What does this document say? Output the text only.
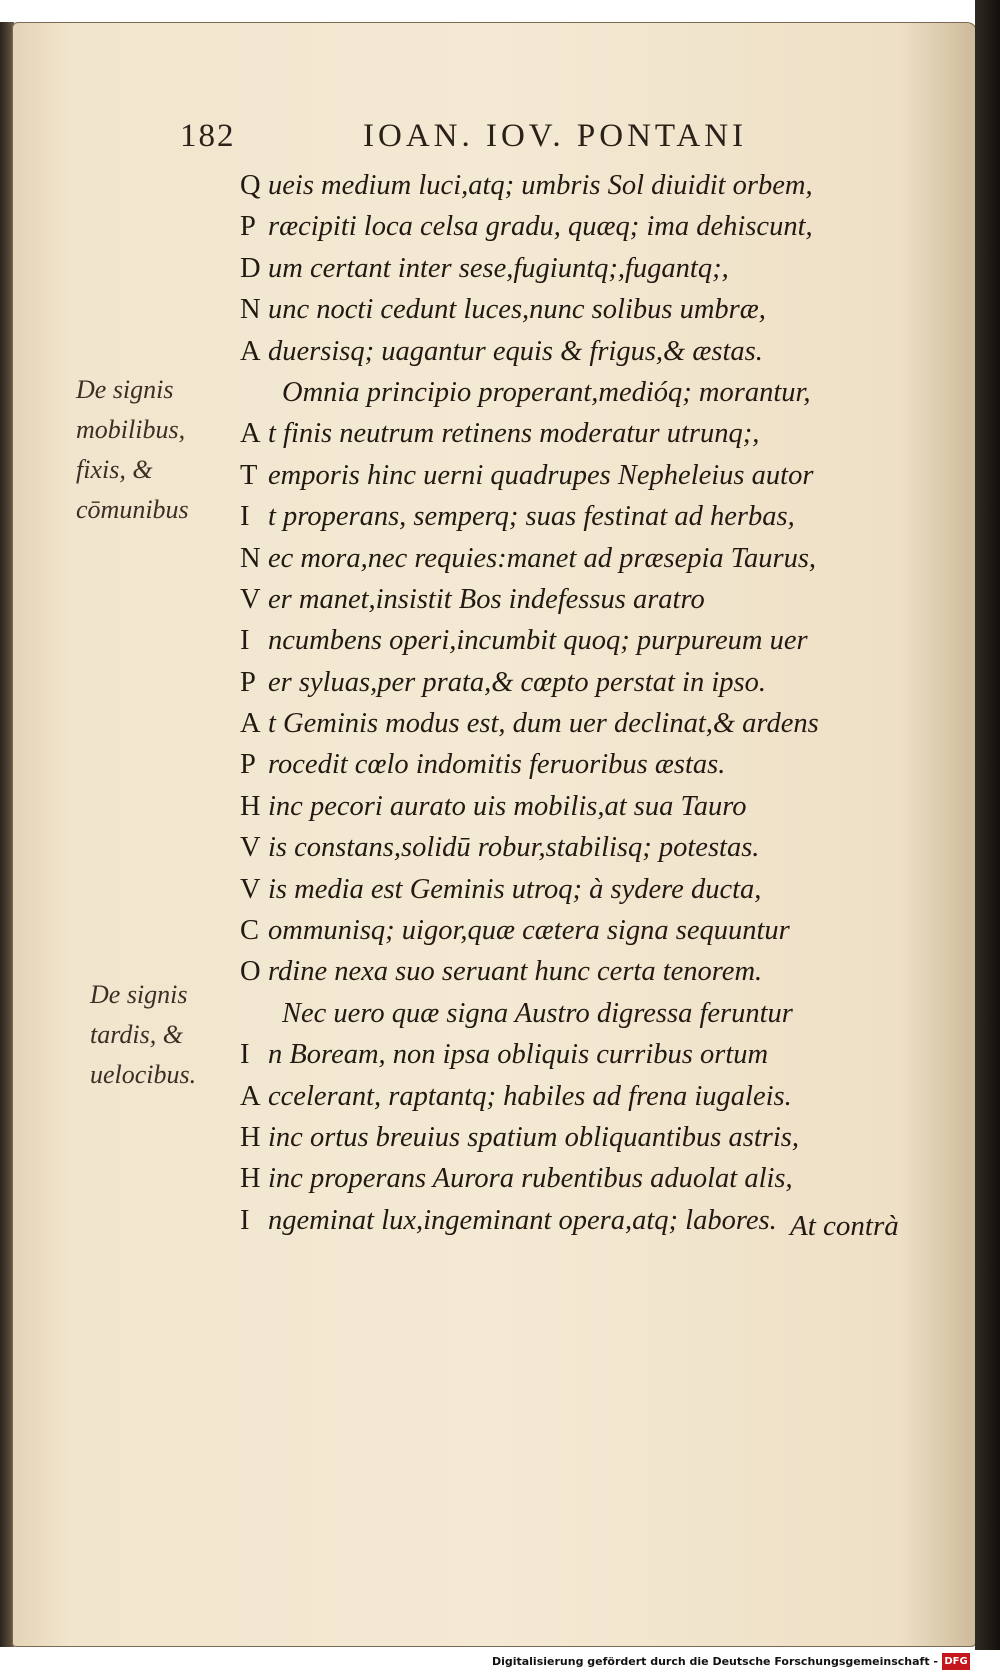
182	IOAN. IOV. PONTANI
Q ueis medium luci,atq; umbris Sol diuidit orbem,
P ræcipiti loca celsa gradu, quæq; ima dehiscunt,
D um certant inter sese,fugiuntq;,fugantq;,
N unc nocti cedunt luces,nunc solibus umbræ,
A duersisq; uagantur equis & frigus,& æstas.
Omnia principio properant,medióq; morantur,
A t finis neutrum retinens moderatur utrunq;,
T emporis hinc uerni quadrupes Nepheleius autor
I t properans, semperq; suas festinat ad herbas,
N ec mora,nec requies:manet ad præsepia Taurus,
V er manet,insistit Bos indefessus aratro
I ncumbens operi,incumbit quoq; purpureum uer
P er syluas,per prata,& cœpto perstat in ipso.
A t Geminis modus est, dum uer declinat,& ardens
P rocedit cœlo indomitis feruoribus æstas.
H inc pecori aurato uis mobilis,at sua Tauro
V is constans,solidū robur,stabilisq; potestas.
V is media est Geminis utroq; à sydere ducta,
C ommunisq; uigor,quæ cætera signa sequuntur
O rdine nexa suo seruant hunc certa tenorem.
Nec uero quæ signa Austro digressa feruntur
I n Boream, non ipsa obliquis curribus ortum
A ccelerant, raptantq; habiles ad frena iugaleis.
H inc ortus breuius spatium obliquantibus astris,
H inc properans Aurora rubentibus aduolat alis,
I ngeminat lux,ingeminant opera,atq; labores. At contrà
De signis
mobilibus,
fixis, &
cōmunibus
De signis
tardis, &
uelocibus.
Digitalisierung gefördert durch die Deutsche Forschungsgemeinschaft - DFG
